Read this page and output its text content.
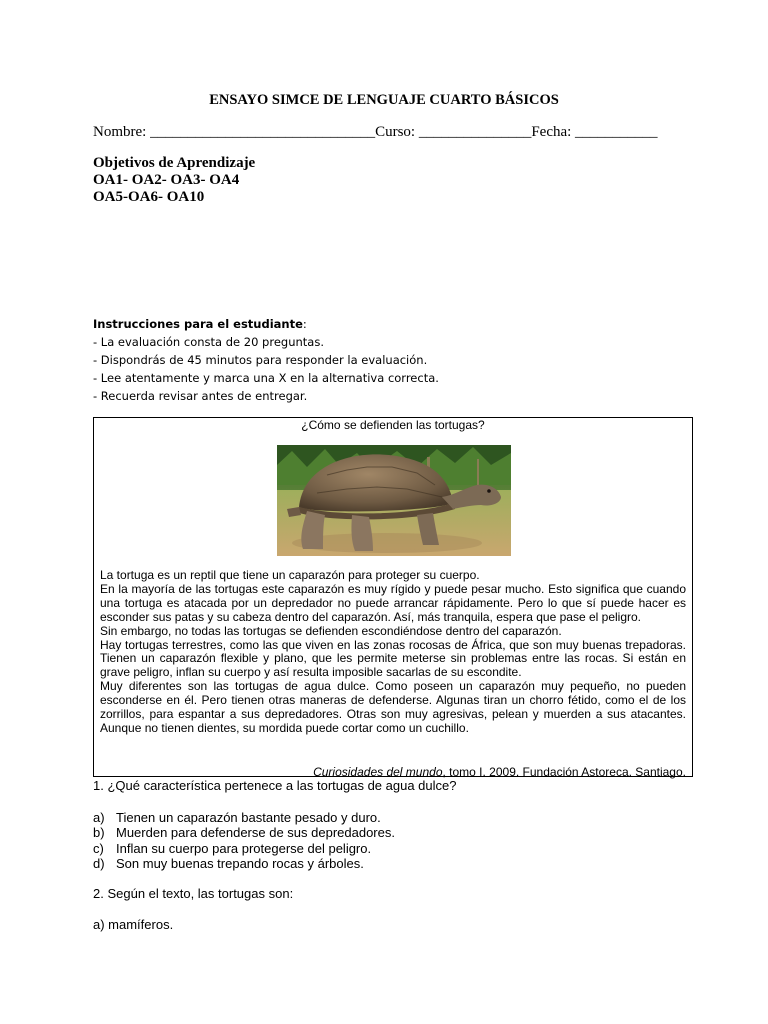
ENSAYO SIMCE DE LENGUAJE CUARTO BÁSICOS
Nombre: ______________________________Curso: _______________Fecha: ___________
Objetivos de Aprendizaje
OA1- OA2- OA3- OA4
OA5-OA6- OA10
Instrucciones para el estudiante:
- La evaluación consta de 20 preguntas.
- Dispondrás de 45 minutos para responder la evaluación.
- Lee atentamente y marca una X en la alternativa correcta.
- Recuerda revisar antes de entregar.
¿Cómo se defienden las tortugas?

La tortuga es un reptil que tiene un caparazón para proteger su cuerpo.

En la mayoría de las tortugas este caparazón es muy rígido y puede pesar mucho. Esto significa que cuando una tortuga es atacada por un depredador no puede arrancar rápidamente. Pero lo que sí puede hacer es esconder sus patas y su cabeza dentro del caparazón. Así, más tranquila, espera que pase el peligro.

Sin embargo, no todas las tortugas se defienden escondiéndose dentro del caparazón.

Hay tortugas terrestres, como las que viven en las zonas rocosas de África, que son muy buenas trepadoras. Tienen un caparazón flexible y plano, que les permite meterse sin problemas entre las rocas. Si están en grave peligro, inflan su cuerpo y así resulta imposible sacarlas de su escondite.

Muy diferentes son las tortugas de agua dulce. Como poseen un caparazón muy pequeño, no pueden esconderse en él. Pero tienen otras maneras de defenderse. Algunas tiran un chorro fétido, como el de los zorrillos, para espantar a sus depredadores. Otras son muy agresivas, pelean y muerden a sus atacantes. Aunque no tienen dientes, su mordida puede cortar como un cuchillo.

Curiosidades del mundo, tomo I. 2009. Fundación Astoreca. Santiago.
1. ¿Qué característica pertenece a las tortugas de agua dulce?
a) Tienen un caparazón bastante pesado y duro.
b) Muerden para defenderse de sus depredadores.
c) Inflan su cuerpo para protegerse del peligro.
d) Son muy buenas trepando rocas y árboles.
2. Según el texto, las tortugas son:
a) mamíferos.
